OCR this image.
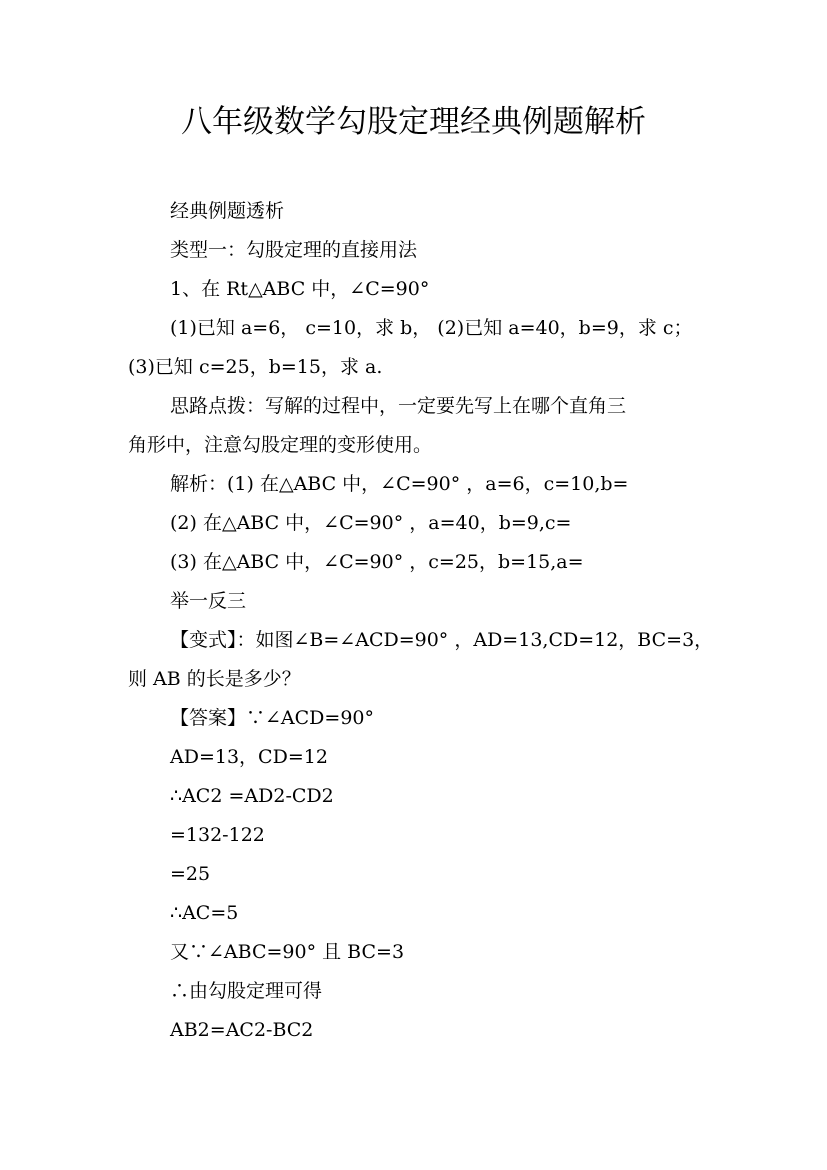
八年级数学勾股定理经典例题解析
经典例题透析
类型一：勾股定理的直接用法
1、在 Rt△ABC 中，∠C=90°
(1)已知 a=6， c=10，求 b， (2)已知 a=40，b=9，求 c；
(3)已知 c=25，b=15，求 a.
思路点拨：写解的过程中，一定要先写上在哪个直角三
角形中，注意勾股定理的变形使用。
解析：(1) 在△ABC 中，∠C=90° ，a=6，c=10,b=
(2) 在△ABC 中，∠C=90° ，a=40，b=9,c=
(3) 在△ABC 中，∠C=90° ，c=25，b=15,a=
举一反三
【变式】：如图∠B=∠ACD=90° ，AD=13,CD=12，BC=3，
则 AB 的长是多少？
【答案】∵∠ACD=90°
AD=13，CD=12
∴AC2 =AD2-CD2
=132-122
=25
∴AC=5
又∵∠ABC=90° 且 BC=3
∴由勾股定理可得
AB2=AC2-BC2
